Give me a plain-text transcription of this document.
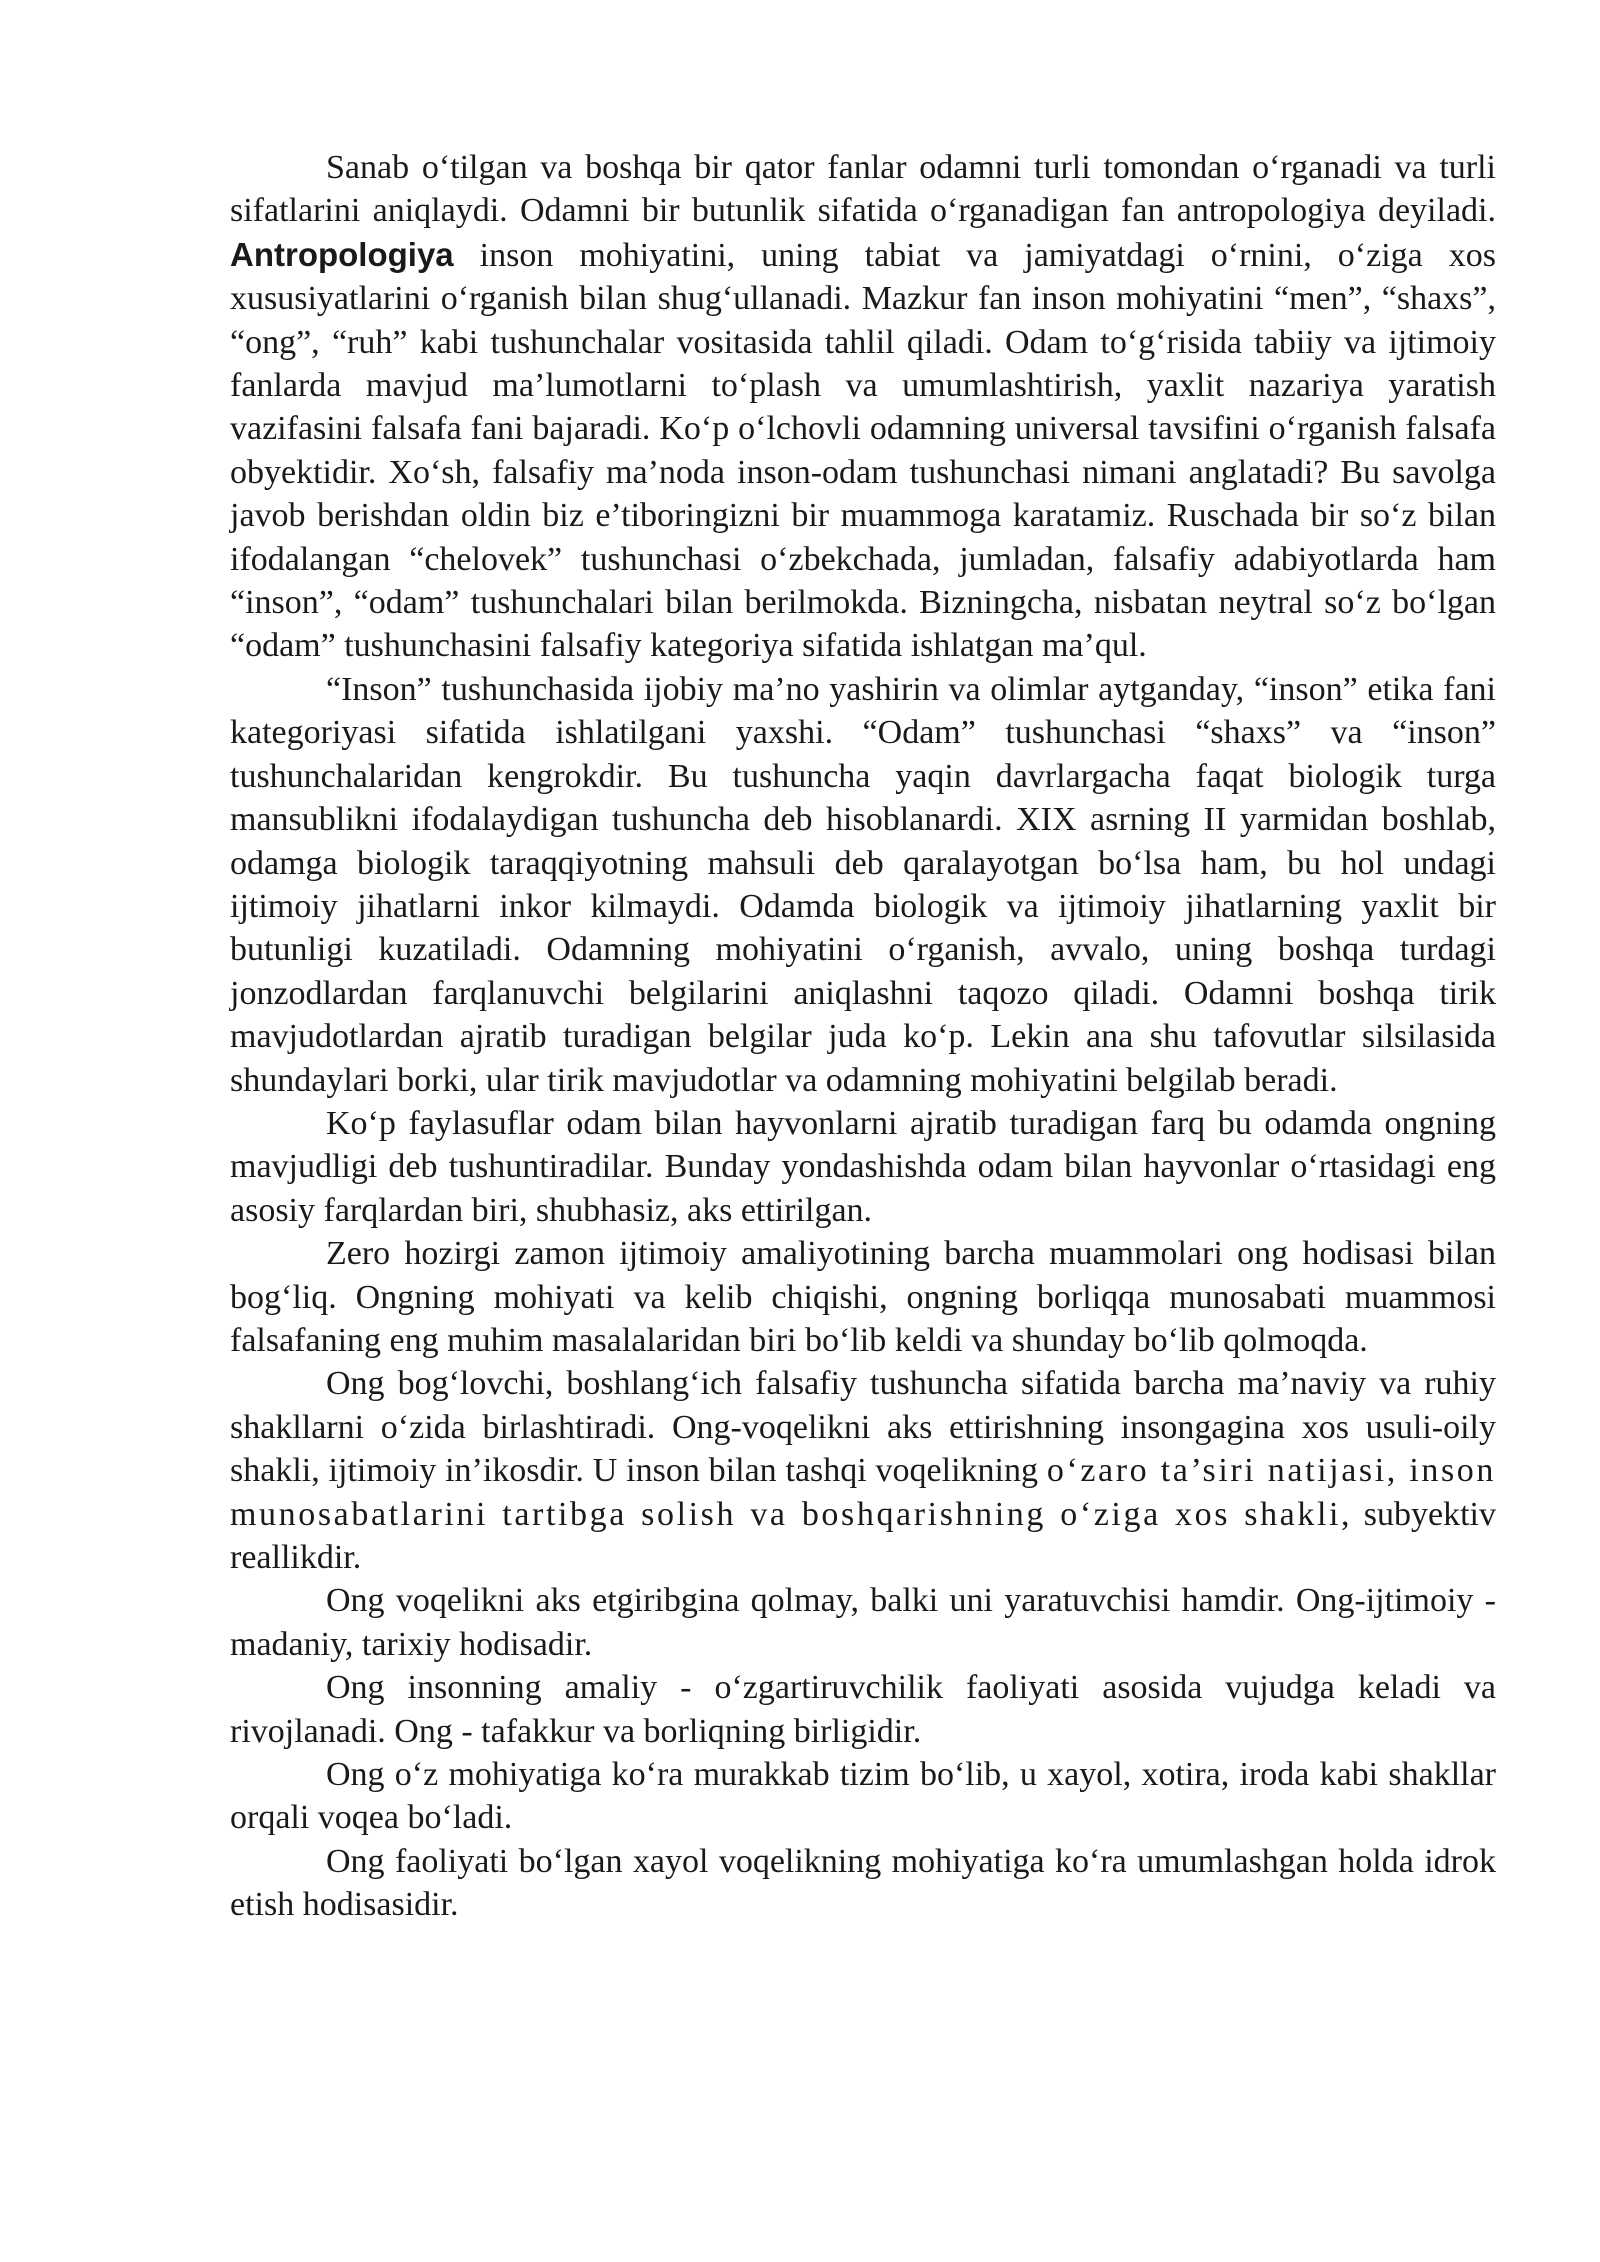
Sanab o‘tilgan va boshqa bir qator fanlar odamni turli tomondan o‘rganadi va turli sifatlarini aniqlaydi. Odamni bir butunlik sifatida o‘rganadigan fan antropologiya deyiladi. Antropologiya inson mohiyatini, uning tabiat va jamiyatdagi o‘rnini, o‘ziga xos xususiyatlarini o‘rganish bilan shug‘ullanadi. Mazkur fan inson mohiyatini “men”, “shaxs”, “ong”, “ruh” kabi tushunchalar vositasida tahlil qiladi. Odam to‘g‘risida tabiiy va ijtimoiy fanlarda mavjud ma’lumotlarni to‘plash va umumlashtirish, yaxlit nazariya yaratish vazifasini falsafa fani bajaradi. Ko‘p o‘lchovli odamning universal tavsifini o‘rganish falsafa obyektidir. Xo‘sh, falsafiy ma’noda inson-odam tushunchasi nimani anglatadi? Bu savolga javob berishdan oldin biz e’tiboringizni bir muammoga karatamiz. Ruschada bir so‘z bilan ifodalangan “chelovek” tushunchasi o‘zbekchada, jumladan, falsafiy adabiyotlarda ham “inson”, “odam” tushunchalari bilan berilmokda. Bizningcha, nisbatan neytral so‘z bo‘lgan “odam” tushunchasini falsafiy kategoriya sifatida ishlatgan ma’qul.

“Inson” tushunchasida ijobiy ma’no yashirin va olimlar aytganday, “inson” etika fani kategoriyasi sifatida ishlatilgani yaxshi. “Odam” tushunchasi “shaxs” va “inson” tushunchalaridan kengrokdir. Bu tushuncha yaqin davrlargacha faqat biologik turga mansublikni ifodalaydigan tushuncha deb hisoblanardi. XIX asrning II yarmidan boshlab, odamga biologik taraqqiyotning mahsuli deb qaralayotgan bo‘lsa ham, bu hol undagi ijtimoiy jihatlarni inkor kilmaydi. Odamda biologik va ijtimoiy jihatlarning yaxlit bir butunligi kuzatiladi. Odamning mohiyatini o‘rganish, avvalo, uning boshqa turdagi jonzodlardan farqlanuvchi belgilarini aniqlashni taqozo qiladi. Odamni boshqa tirik mavjudotlardan ajratib turadigan belgilar juda ko‘p. Lekin ana shu tafovutlar silsilasida shundaylari borki, ular tirik mavjudotlar va odamning mohiyatini belgilab beradi.

Ko‘p faylasuflar odam bilan hayvonlarni ajratib turadigan farq bu odamda ongning mavjudligi deb tushuntiradilar. Bunday yondashishda odam bilan hayvonlar o‘rtasidagi eng asosiy farqlardan biri, shubhasiz, aks ettirilgan.

Zero hozirgi zamon ijtimoiy amaliyotining barcha muammolari ong hodisasi bilan bog‘liq. Ongning mohiyati va kelib chiqishi, ongning borliqqa munosabati muammosi falsafaning eng muhim masalalaridan biri bo‘lib keldi va shunday bo‘lib qolmoqda.

Ong bog‘lovchi, boshlang‘ich falsafiy tushuncha sifatida barcha ma’naviy va ruhiy shakllarni o‘zida birlashtiradi. Ong-voqelikni aks ettirishning insongagina xos usuli-oily shakli, ijtimoiy in’ikosdir. U inson bilan tashqi voqelikning o‘zaro ta’siri natijasi, inson munosabatlarini tartibga solish va boshqarishning o‘ziga xos shakli, subyektiv reallikdir.

Ong voqelikni aks etgiribgina qolmay, balki uni yaratuvchisi hamdir. Ong-ijtimoiy - madaniy, tarixiy hodisadir.

Ong insonning amaliy - o‘zgartiruvchilik faoliyati asosida vujudga keladi va rivojlanadi. Ong - tafakkur va borliqning birligidir.

Ong o‘z mohiyatiga ko‘ra murakkab tizim bo‘lib, u xayol, xotira, iroda kabi shakllar orqali voqea bo‘ladi.

Ong faoliyati bo‘lgan xayol voqelikning mohiyatiga ko‘ra umumlashgan holda idrok etish hodisasidir.
